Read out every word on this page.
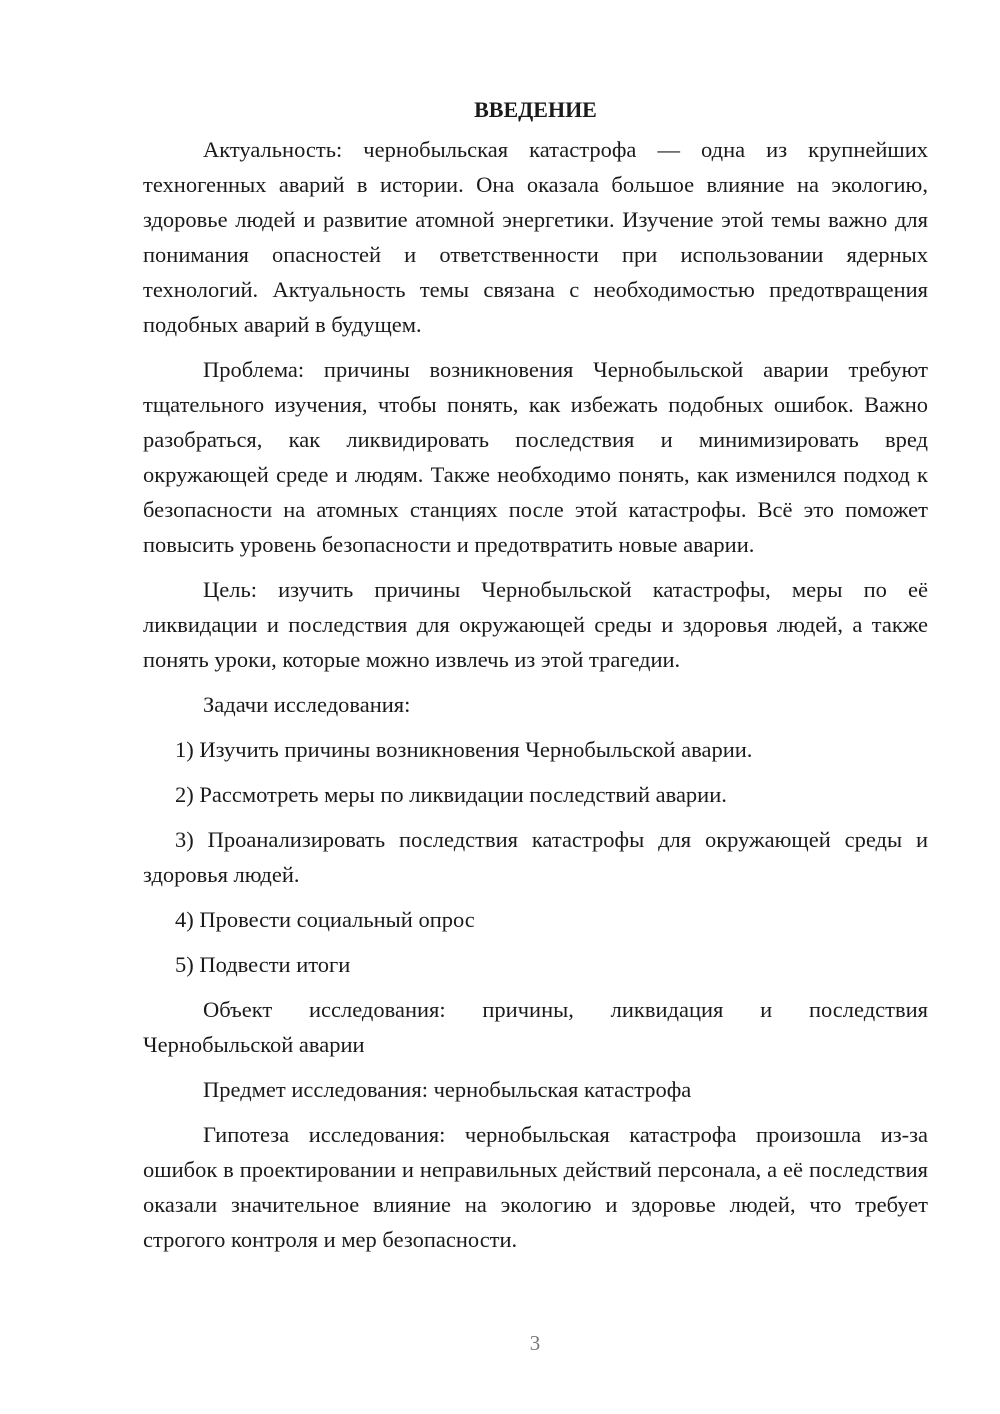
ВВЕДЕНИЕ

Актуальность: чернобыльская катастрофа — одна из крупнейших техногенных аварий в истории. Она оказала большое влияние на экологию, здоровье людей и развитие атомной энергетики. Изучение этой темы важно для понимания опасностей и ответственности при использовании ядерных технологий. Актуальность темы связана с необходимостью предотвращения подобных аварий в будущем.

Проблема: причины возникновения Чернобыльской аварии требуют тщательного изучения, чтобы понять, как избежать подобных ошибок. Важно разобраться, как ликвидировать последствия и минимизировать вред окружающей среде и людям. Также необходимо понять, как изменился подход к безопасности на атомных станциях после этой катастрофы. Всё это поможет повысить уровень безопасности и предотвратить новые аварии.

Цель: изучить причины Чернобыльской катастрофы, меры по её ликвидации и последствия для окружающей среды и здоровья людей, а также понять уроки, которые можно извлечь из этой трагедии.

Задачи исследования:

1) Изучить причины возникновения Чернобыльской аварии.

2) Рассмотреть меры по ликвидации последствий аварии.

3) Проанализировать последствия катастрофы для окружающей среды и здоровья людей.

4) Провести социальный опрос

5) Подвести итоги

Объект исследования: причины, ликвидация и последствия Чернобыльской аварии

Предмет исследования: чернобыльская катастрофа

Гипотеза исследования: чернобыльская катастрофа произошла из-за ошибок в проектировании и неправильных действий персонала, а её последствия оказали значительное влияние на экологию и здоровье людей, что требует строгого контроля и мер безопасности.

3
